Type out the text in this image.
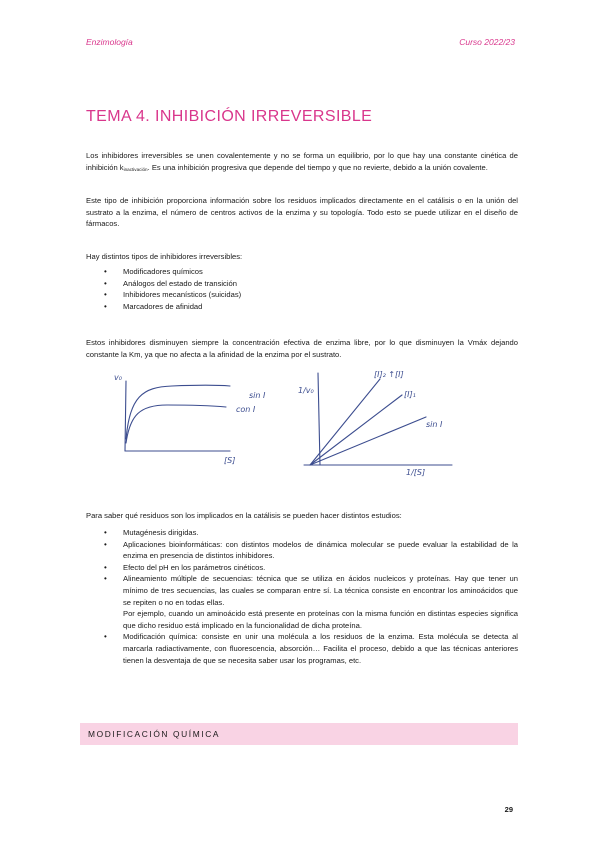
Enzimología	Curso 2022/23
TEMA 4. INHIBICIÓN IRREVERSIBLE

Los inhibidores irreversibles se unen covalentemente y no se forma un equilibrio, por lo que hay una constante cinética de inhibición $k_{inactivación}$. Es una inhibición progresiva que depende del tiempo y que no revierte, debido a la unión covalente.

Este tipo de inhibición proporciona información sobre los residuos implicados directamente en el catálisis o en la unión del sustrato a la enzima, el número de centros activos de la enzima y su topología. Todo esto se puede utilizar en el diseño de fármacos.

Hay distintos tipos de inhibidores irreversibles:

• Modificadores químicos
• Análogos del estado de transición
• Inhibidores mecanísticos (suicidas)
• Marcadores de afinidad

Estos inhibidores disminuyen siempre la concentración efectiva de enzima libre, por lo que disminuyen la Vmáx dejando constante la Km, ya que no afecta a la afinidad de la enzima por el sustrato.

v₀
[S]
sin I
con I
1/v₀
1/[S]
[I]₂ ↑[I]
[I]₁
sin I

Para saber qué residuos son los implicados en la catálisis se pueden hacer distintos estudios:

• Mutagénesis dirigidas.
• Aplicaciones bioinformáticas: con distintos modelos de dinámica molecular se puede evaluar la estabilidad de la enzima en presencia de distintos inhibidores.
• Efecto del pH en los parámetros cinéticos.
• Alineamiento múltiple de secuencias: técnica que se utiliza en ácidos nucleicos y proteínas. Hay que tener un mínimo de tres secuencias, las cuales se comparan entre sí. La técnica consiste en encontrar los aminoácidos que se repiten o no en todas ellas.
Por ejemplo, cuando un aminoácido está presente en proteínas con la misma función en distintas especies significa que dicho residuo está implicado en la funcionalidad de dicha proteína.
• Modificación química: consiste en unir una molécula a los residuos de la enzima. Esta molécula se detecta al marcarla radiactivamente, con fluorescencia, absorción… Facilita el proceso, debido a que las técnicas anteriores tienen la desventaja de que se necesita saber usar los programas, etc.
MODIFICACIÓN QUÍMICA
29
